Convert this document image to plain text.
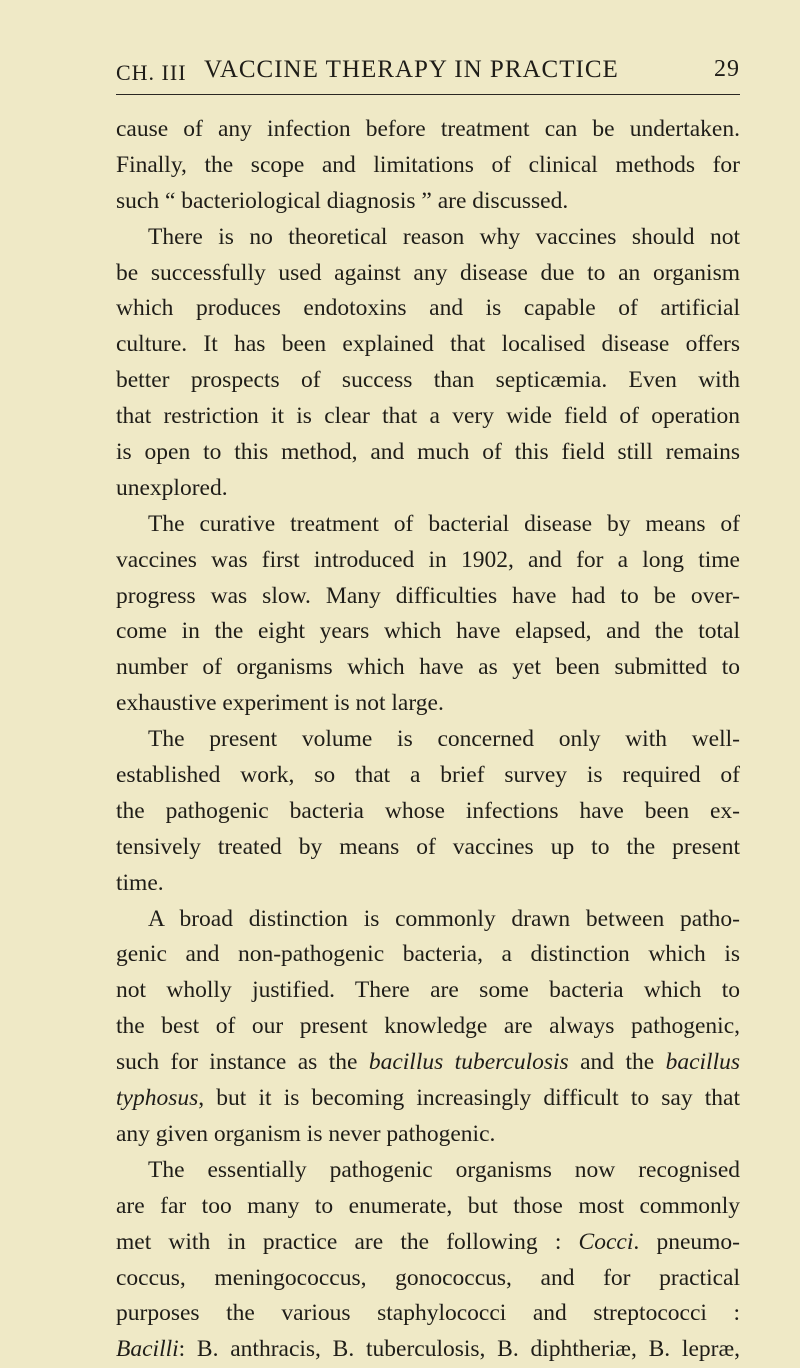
CH. III VACCINE THERAPY IN PRACTICE	29
cause of any infection before treatment can be undertaken.
Finally, the scope and limitations of clinical methods for
such “ bacteriological diagnosis ” are discussed.
There is no theoretical reason why vaccines should not
be successfully used against any disease due to an organism
which produces endotoxins and is capable of artificial
culture. It has been explained that localised disease offers
better prospects of success than septicæmia. Even with
that restriction it is clear that a very wide field of operation
is open to this method, and much of this field still remains
unexplored.
The curative treatment of bacterial disease by means of
vaccines was first introduced in 1902, and for a long time
progress was slow. Many difficulties have had to be over-
come in the eight years which have elapsed, and the total
number of organisms which have as yet been submitted to
exhaustive experiment is not large.
The present volume is concerned only with well-
established work, so that a brief survey is required of
the pathogenic bacteria whose infections have been ex-
tensively treated by means of vaccines up to the present
time.
A broad distinction is commonly drawn between patho-
genic and non-pathogenic bacteria, a distinction which is
not wholly justified. There are some bacteria which to
the best of our present knowledge are always pathogenic,
such for instance as the bacillus tuberculosis and the bacillus
typhosus, but it is becoming increasingly difficult to say that
any given organism is never pathogenic.
The essentially pathogenic organisms now recognised
are far too many to enumerate, but those most commonly
met with in practice are the following : Cocci. pneumo-
coccus, meningococcus, gonococcus, and for practical
purposes the various staphylococci and streptococci :
Bacilli: B. anthracis, B. tuberculosis, B. diphtheriæ, B. lepræ,
